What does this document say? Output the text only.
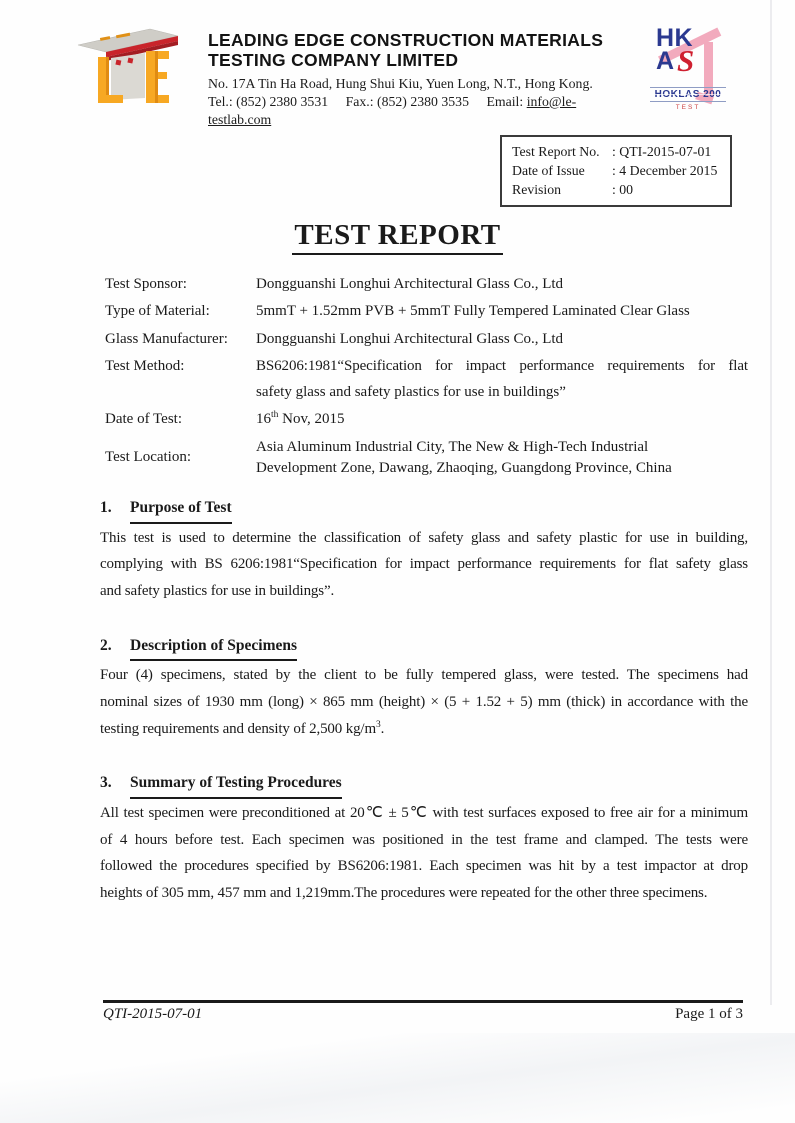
LEADING EDGE CONSTRUCTION MATERIALS
TESTING COMPANY LIMITED
No. 17A Tin Ha Road, Hung Shui Kiu, Yuen Long, N.T., Hong Kong.
Tel.: (852) 2380 3531 Fax.: (852) 2380 3535 Email: info@le-testlab.com
HK
A S
HOKLAS 200
TEST
Test Report No. : QTI-2015-07-01
Date of Issue	: 4 December 2015
Revision	: 00
TEST REPORT
Test Sponsor:	Dongguanshi Longhui Architectural Glass Co., Ltd
Type of Material:	5mmT + 1.52mm PVB + 5mmT Fully Tempered Laminated Clear Glass
Glass Manufacturer:	Dongguanshi Longhui Architectural Glass Co., Ltd
Test Method:	BS6206:1981“Specification for impact performance requirements for flat
safety glass and safety plastics for use in buildings”
Date of Test:	16th Nov, 2015
Test Location:
Asia Aluminum Industrial City, The New & High-Tech Industrial
Development Zone, Dawang, Zhaoqing, Guangdong Province, China
1.	Purpose of Test
This test is used to determine the classification of safety glass and safety plastic for use in building,
complying with BS 6206:1981“Specification for impact performance requirements for flat safety glass
and safety plastics for use in buildings”.
2.	Description of Specimens
Four (4) specimens, stated by the client to be fully tempered glass, were tested. The specimens had
nominal sizes of 1930 mm (long) × 865 mm (height) × (5 + 1.52 + 5) mm (thick) in accordance with the
testing requirements and density of 2,500 $kg/m^3$.
3.	Summary of Testing Procedures
All test specimen were preconditioned at 20℃ ± 5℃ with test surfaces exposed to free air for a minimum
of 4 hours before test. Each specimen was positioned in the test frame and clamped. The tests were
followed the procedures specified by BS6206:1981. Each specimen was hit by a test impactor at drop
heights of 305 mm, 457 mm and 1,219mm.The procedures were repeated for the other three specimens.
QTI-2015-07-01	Page 1 of 3
